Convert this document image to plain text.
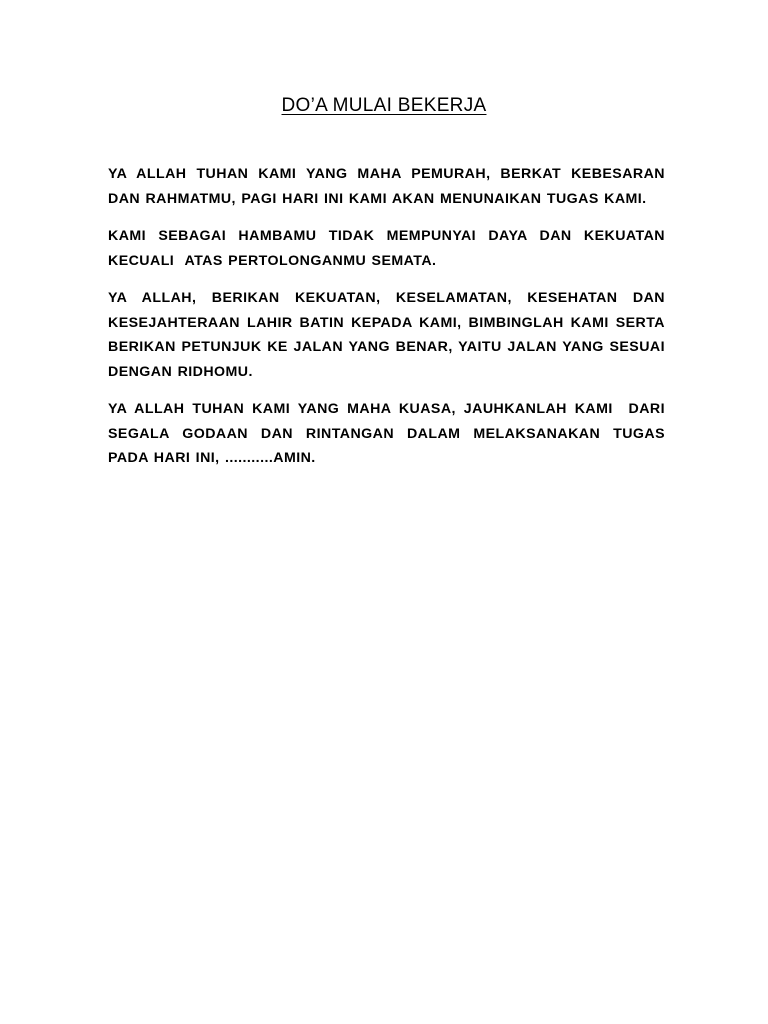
DO’A MULAI BEKERJA

YA ALLAH TUHAN KAMI YANG MAHA PEMURAH, BERKAT KEBESARAN DAN RAHMATMU, PAGI HARI INI KAMI AKAN MENUNAIKAN TUGAS KAMI.

KAMI SEBAGAI HAMBAMU TIDAK MEMPUNYAI DAYA DAN KEKUATAN KECUALI  ATAS PERTOLONGANMU SEMATA.

YA ALLAH, BERIKAN KEKUATAN, KESELAMATAN, KESEHATAN DAN KESEJAHTERAAN LAHIR BATIN KEPADA KAMI, BIMBINGLAH KAMI SERTA BERIKAN PETUNJUK KE JALAN YANG BENAR, YAITU JALAN YANG SESUAI DENGAN RIDHOMU.

YA ALLAH TUHAN KAMI YANG MAHA KUASA, JAUHKANLAH KAMI  DARI SEGALA GODAAN DAN RINTANGAN DALAM MELAKSANAKAN TUGAS PADA HARI INI, ...........AMIN.
